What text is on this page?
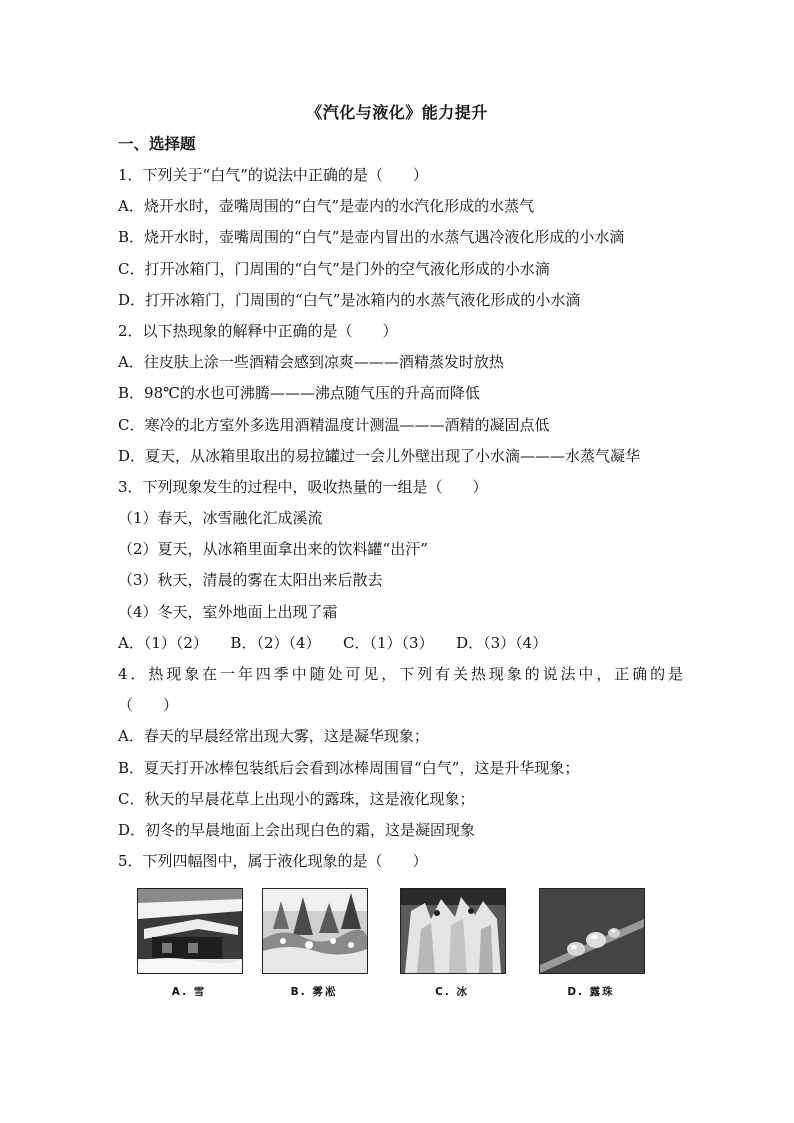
《汽化与液化》能力提升
一、选择题
1．下列关于“白气”的说法中正确的是（　　）
A．烧开水时，壶嘴周围的“白气”是壶内的水汽化形成的水蒸气
B．烧开水时，壶嘴周围的“白气”是壶内冒出的水蒸气遇冷液化形成的小水滴
C．打开冰箱门，门周围的“白气”是门外的空气液化形成的小水滴
D．打开冰箱门，门周围的“白气”是冰箱内的水蒸气液化形成的小水滴
2．以下热现象的解释中正确的是（　　）
A．往皮肤上涂一些酒精会感到凉爽———酒精蒸发时放热
B．98℃的水也可沸腾———沸点随气压的升高而降低
C．寒冷的北方室外多选用酒精温度计测温———酒精的凝固点低
D．夏天，从冰箱里取出的易拉罐过一会儿外壁出现了小水滴———水蒸气凝华
3．下列现象发生的过程中，吸收热量的一组是（　　）
（1）春天，冰雪融化汇成溪流
（2）夏天，从冰箱里面拿出来的饮料罐“出汗”
（3）秋天，清晨的雾在太阳出来后散去
（4）冬天，室外地面上出现了霜
A．（1）（2）　　B．（2）（4）　　C．（1）（3）　　D．（3）（4）
4．热现象在一年四季中随处可见，下列有关热现象的说法中，正确的是
（　　）
A．春天的早晨经常出现大雾，这是凝华现象；
B．夏天打开冰棒包装纸后会看到冰棒周围冒“白气”，这是升华现象；
C．秋天的早晨花草上出现小的露珠，这是液化现象；
D．初冬的早晨地面上会出现白色的霜，这是凝固现象
5．下列四幅图中，属于液化现象的是（　　）
A. 雪	B. 雾凇	C. 冰	D. 露珠
